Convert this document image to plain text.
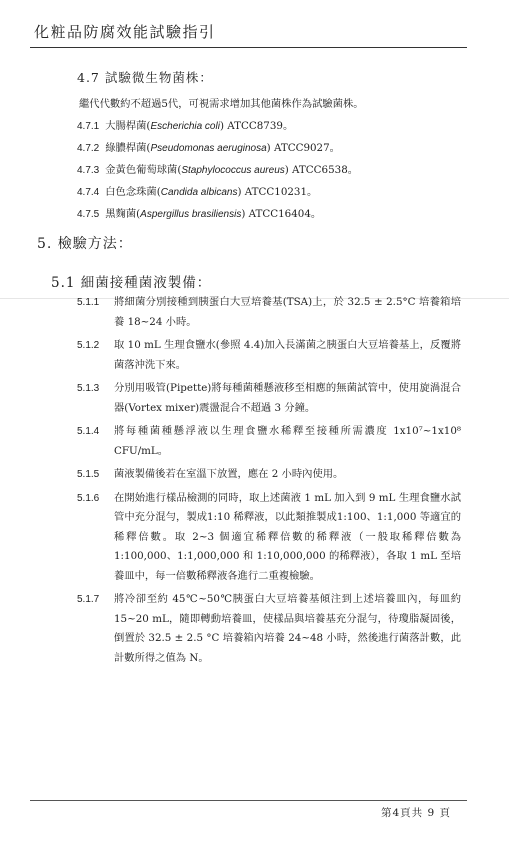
化粧品防腐效能試驗指引
4.7 試驗微生物菌株：
繼代代數約不超過5代，可視需求增加其他菌株作為試驗菌株。
4.7.1 大腸桿菌(Escherichia coli) ATCC8739。
4.7.2 綠膿桿菌(Pseudomonas aeruginosa) ATCC9027。
4.7.3 金黃色葡萄球菌(Staphylococcus aureus) ATCC6538。
4.7.4 白色念珠菌(Candida albicans) ATCC10231。
4.7.5 黑麴菌(Aspergillus brasiliensis) ATCC16404。
5. 檢驗方法：
5.1 細菌接種菌液製備：
5.1.1 將細菌分別接種到胰蛋白大豆培養基(TSA)上，於 32.5 ± 2.5°C 培養箱培養 18~24 小時。
5.1.2 取 10 mL 生理食鹽水(參照 4.4)加入長滿菌之胰蛋白大豆培養基上，反覆將菌落沖洗下來。
5.1.3 分別用吸管(Pipette)將每種菌種懸液移至相應的無菌試管中，使用旋渦混合器(Vortex mixer)震盪混合不超過 3 分鐘。
5.1.4 將每種菌種懸浮液以生理食鹽水稀釋至接種所需濃度 1x10⁷~1x10⁸ CFU/mL。
5.1.5 菌液製備後若在室溫下放置，應在 2 小時內使用。
5.1.6 在開始進行樣品檢測的同時，取上述菌液 1 mL 加入到 9 mL 生理食鹽水試管中充分混勻，製成1:10 稀釋液，以此類推製成1:100、1:1,000 等適宜的稀釋倍數。取 2~3 個適宜稀釋倍數的稀釋液（一般取稀釋倍數為 1:100,000、1:1,000,000 和 1:10,000,000 的稀釋液），各取 1 mL 至培養皿中，每一倍數稀釋液各進行二重複檢驗。
5.1.7 將冷卻至約 45℃~50℃胰蛋白大豆培養基傾注到上述培養皿內，每皿約 15~20 mL，隨即轉動培養皿，使樣品與培養基充分混勻，待瓊脂凝固後，倒置於 32.5 ± 2.5 °C 培養箱內培養 24~48 小時，然後進行菌落計數，此計數所得之值為 N。
第4頁共 9 頁
